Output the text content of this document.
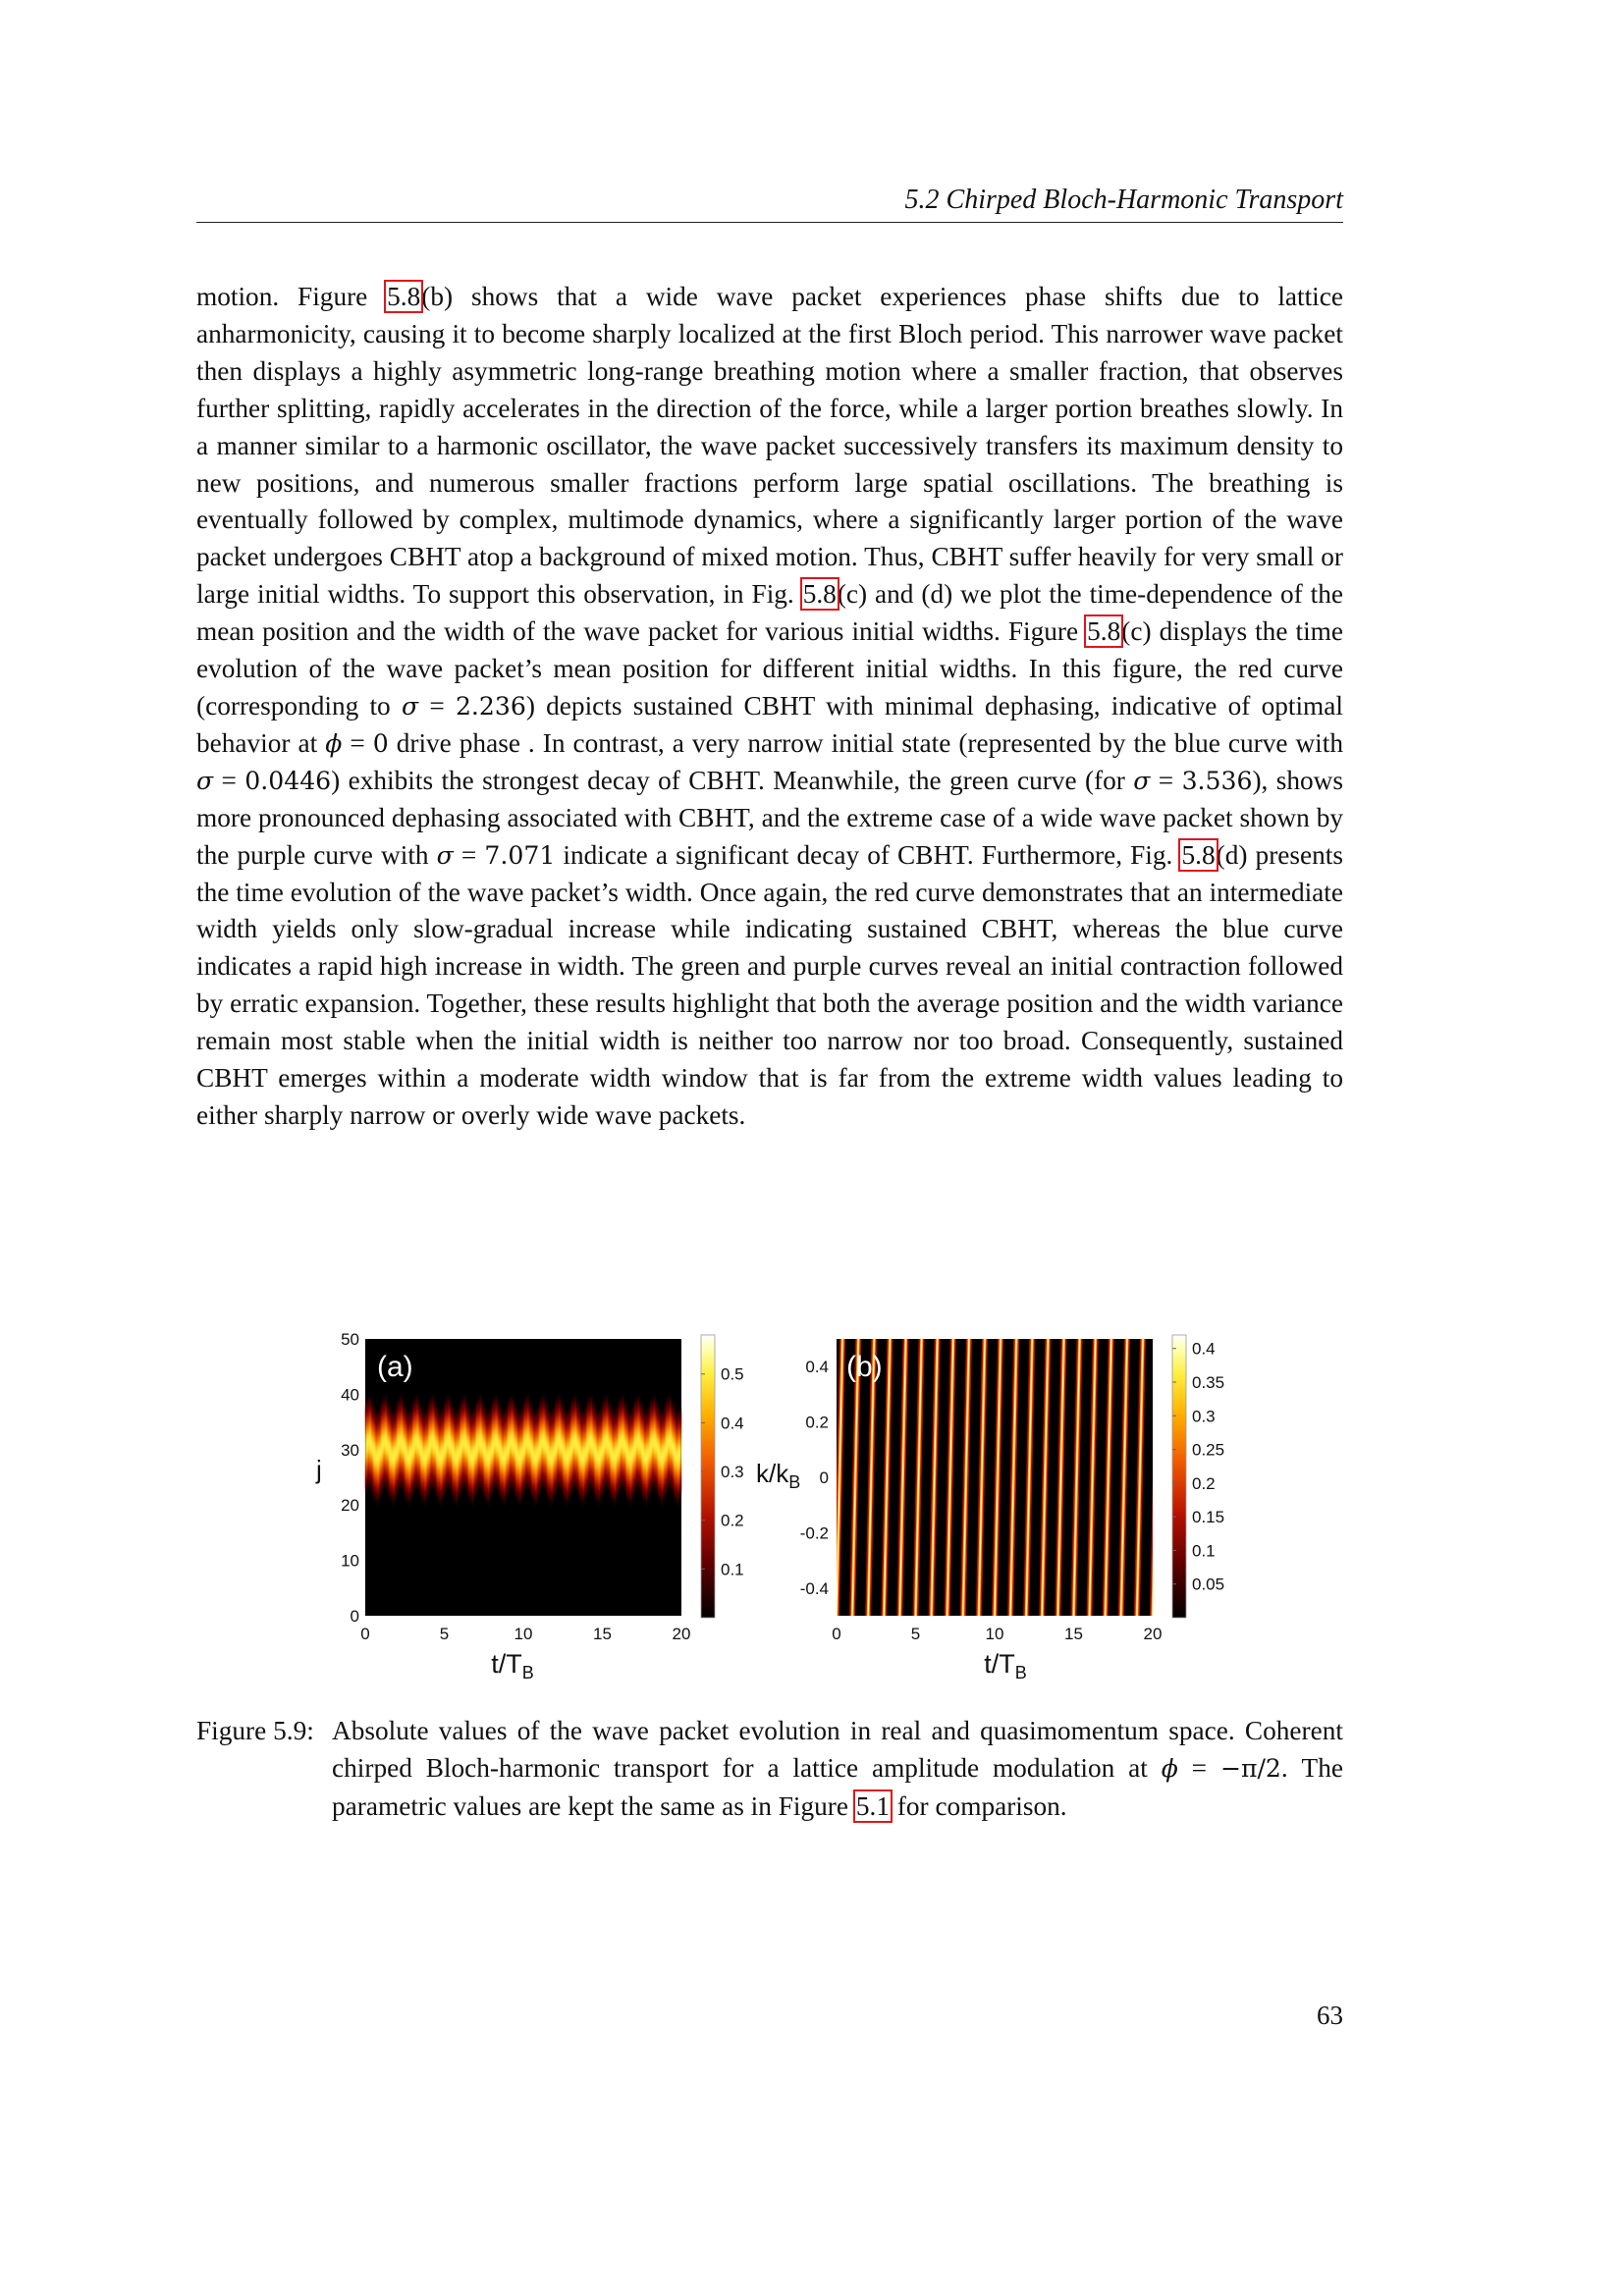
5.2 Chirped Bloch-Harmonic Transport

motion. Figure 5.8(b) shows that a wide wave packet experiences phase shifts due to lattice anharmonicity, causing it to become sharply localized at the first Bloch period. This narrower wave packet then displays a highly asymmetric long-range breathing motion where a smaller fraction, that observes further splitting, rapidly accelerates in the direction of the force, while a larger portion breathes slowly. In a manner similar to a harmonic oscillator, the wave packet successively transfers its maximum density to new positions, and numerous smaller fractions perform large spatial oscillations. The breathing is eventually followed by complex, multimode dynamics, where a significantly larger portion of the wave packet undergoes CBHT atop a background of mixed motion. Thus, CBHT suffer heavily for very small or large initial widths. To support this observation, in Fig. 5.8(c) and (d) we plot the time-dependence of the mean position and the width of the wave packet for various initial widths. Figure 5.8(c) displays the time evolution of the wave packet’s mean position for different initial widths. In this figure, the red curve (corresponding to σ = 2.236) depicts sustained CBHT with minimal dephasing, indicative of optimal behavior at ϕ = 0 drive phase . In contrast, a very narrow initial state (represented by the blue curve with σ = 0.0446) exhibits the strongest decay of CBHT. Meanwhile, the green curve (for σ = 3.536), shows more pronounced dephasing associated with CBHT, and the extreme case of a wide wave packet shown by the purple curve with σ = 7.071 indicate a significant decay of CBHT. Furthermore, Fig. 5.8(d) presents the time evolution of the wave packet’s width. Once again, the red curve demonstrates that an intermediate width yields only slow-gradual increase while indicating sustained CBHT, whereas the blue curve indicates a rapid high increase in width. The green and purple curves reveal an initial contraction followed by erratic expansion. Together, these results highlight that both the average position and the width variance remain most stable when the initial width is neither too narrow nor too broad. Consequently, sustained CBHT emerges within a moderate width window that is far from the extreme width values leading to either sharply narrow or overly wide wave packets.

(a)
0
10
20
30
40
50
0	5	10	15	20
j
$t/T_B$
0.1
0.2
0.3
0.4
0.5	(b)
-0.4
-0.2
0
0.2
0.4
0	5	10	15	20
$k/k_B$
$t/T_B$
0.05
0.1
0.15
0.2
0.25
0.3
0.35
0.4
Figure 5.9: Absolute values of the wave packet evolution in real and quasimomentum space. Coherent chirped Bloch-harmonic transport for a lattice amplitude modulation at ϕ = −π/2. The parametric values are kept the same as in Figure 5.1 for comparison.
63
